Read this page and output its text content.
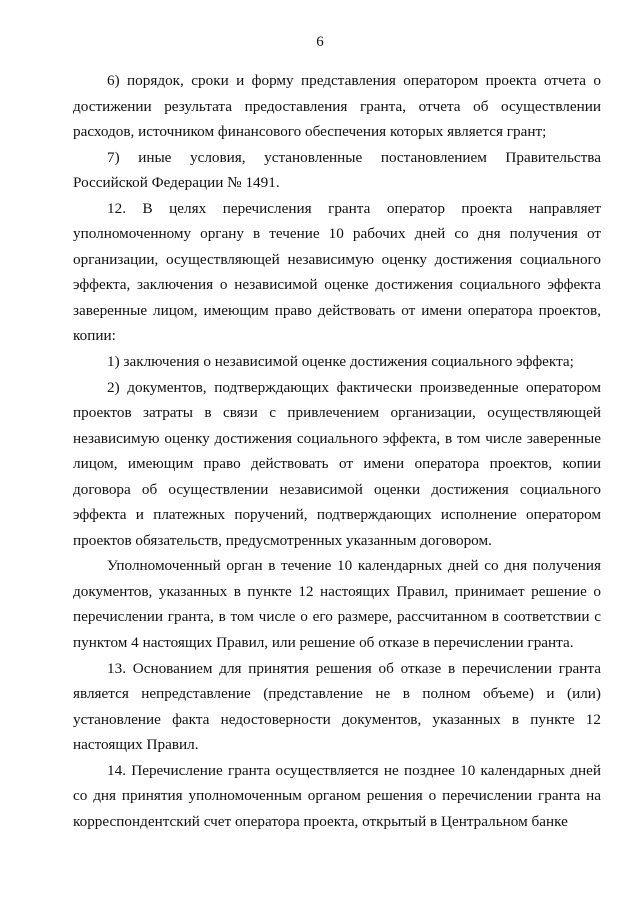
6

6) порядок, сроки и форму представления оператором проекта отчета о достижении результата предоставления гранта, отчета об осуществлении расходов, источником финансового обеспечения которых является грант;

7) иные условия, установленные постановлением Правительства Российской Федерации № 1491.

12. В целях перечисления гранта оператор проекта направляет уполномоченному органу в течение 10 рабочих дней со дня получения от организации, осуществляющей независимую оценку достижения социального эффекта, заключения о независимой оценке достижения социального эффекта заверенные лицом, имеющим право действовать от имени оператора проектов, копии:

1) заключения о независимой оценке достижения социального эффекта;

2) документов, подтверждающих фактически произведенные оператором проектов затраты в связи с привлечением организации, осуществляющей независимую оценку достижения социального эффекта, в том числе заверенные лицом, имеющим право действовать от имени оператора проектов, копии договора об осуществлении независимой оценки достижения социального эффекта и платежных поручений, подтверждающих исполнение оператором проектов обязательств, предусмотренных указанным договором.

Уполномоченный орган в течение 10 календарных дней со дня получения документов, указанных в пункте 12 настоящих Правил, принимает решение о перечислении гранта, в том числе о его размере, рассчитанном в соответствии с пунктом 4 настоящих Правил, или решение об отказе в перечислении гранта.

13. Основанием для принятия решения об отказе в перечислении гранта является непредставление (представление не в полном объеме) и (или) установление факта недостоверности документов, указанных в пункте 12 настоящих Правил.

14. Перечисление гранта осуществляется не позднее 10 календарных дней со дня принятия уполномоченным органом решения о перечислении гранта на корреспондентский счет оператора проекта, открытый в Центральном банке
